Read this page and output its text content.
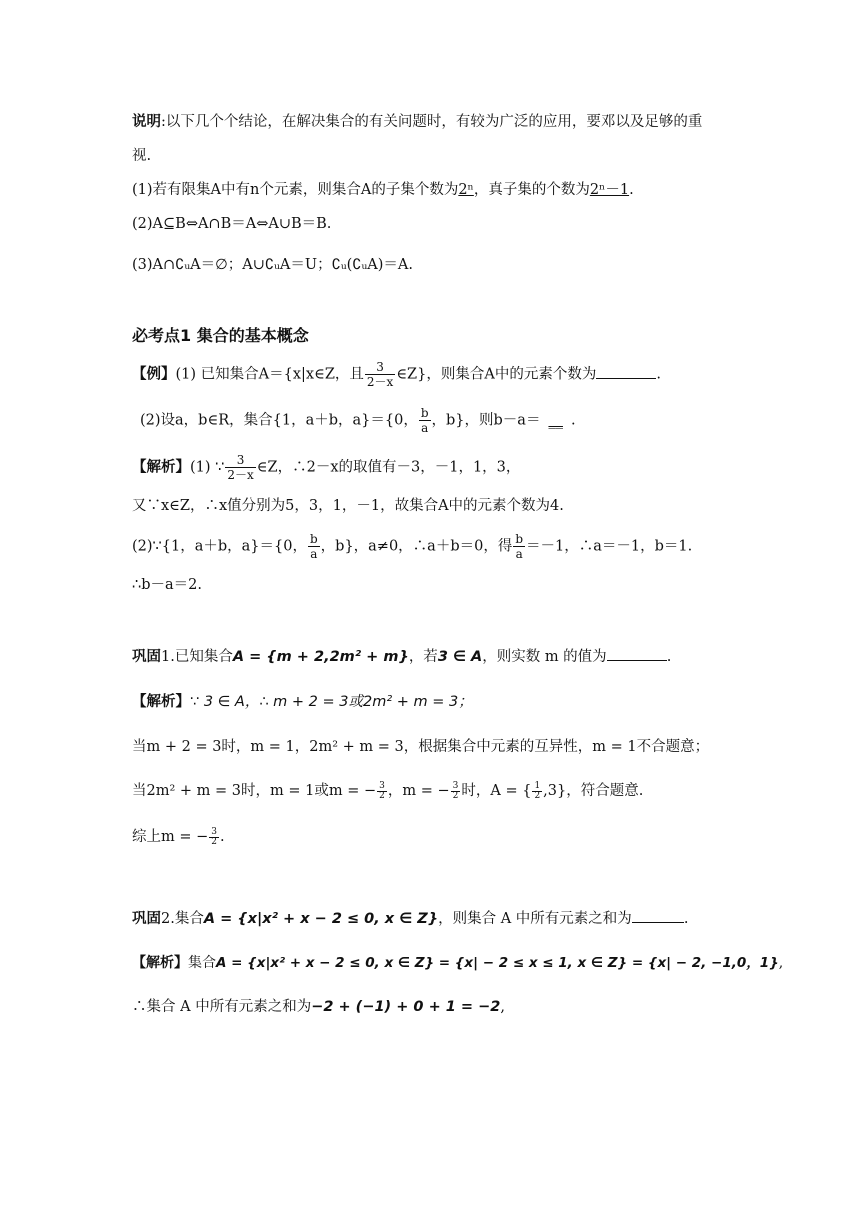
说明:以下几个个结论，在解决集合的有关问题时，有较为广泛的应用，要邓以及足够的重
视.
(1)若有限集A中有n个元素，则集合A的子集个数为2ⁿ，真子集的个数为2ⁿ－1.
(2)A⊆B⇔A∩B＝A⇔A∪B＝B.
(3)A∩∁ᵤA＝∅；A∪∁ᵤA＝U；∁ᵤ(∁ᵤA)＝A.
必考点1 集合的基本概念
【例】(1) 已知集合A＝{x|x∈Z，且 $\frac{3}{2-x}$ ∈Z}，则集合A中的元素个数为	.
(2)设a，b∈R，集合{1，a＋b，a}＝{0， $\frac{b}{a}$ ，b}，则b－a＝ __ .
【解析】(1) ∵ $\frac{3}{2-x}$ ∈Z，∴2－x的取值有－3，－1，1，3，
又∵x∈Z，∴x值分别为5，3，1，－1，故集合A中的元素个数为4.
(2)∵{1，a＋b，a}＝{0， $\frac{b}{a}$ ，b}，a≠0，∴a＋b＝0，得 $\frac{b}{a} =-1$，∴a＝－1，b＝1.
∴b－a＝2.
巩固1.已知集合A = {m + 2,2m² + m}，若3 ∈ A，则实数 m 的值为	.
【解析】∵ 3 ∈ A，∴ m + 2 = 3或2m² + m = 3；
当m + 2 = 3时，m = 1，2m² + m = 3，根据集合中元素的互异性，m = 1不合题意；
当2m² + m = 3时，m = 1或m = − $\frac{3}{2}$ ，m = − $\frac{3}{2}$ 时，A = { $\frac{1}{2} ,3$}，符合题意.
综上m = − $\frac{3}{2}$ .
巩固2.集合A = {x|x² + x − 2 ≤ 0, x ∈ Z}，则集合 A 中所有元素之和为	.
【解析】集合A = {x|x² + x − 2 ≤ 0, x ∈ Z} = {x| − 2 ≤ x ≤ 1, x ∈ Z} = {x| − 2, −1,0，1},
∴集合 A 中所有元素之和为−2 + (−1) + 0 + 1 = −2,
